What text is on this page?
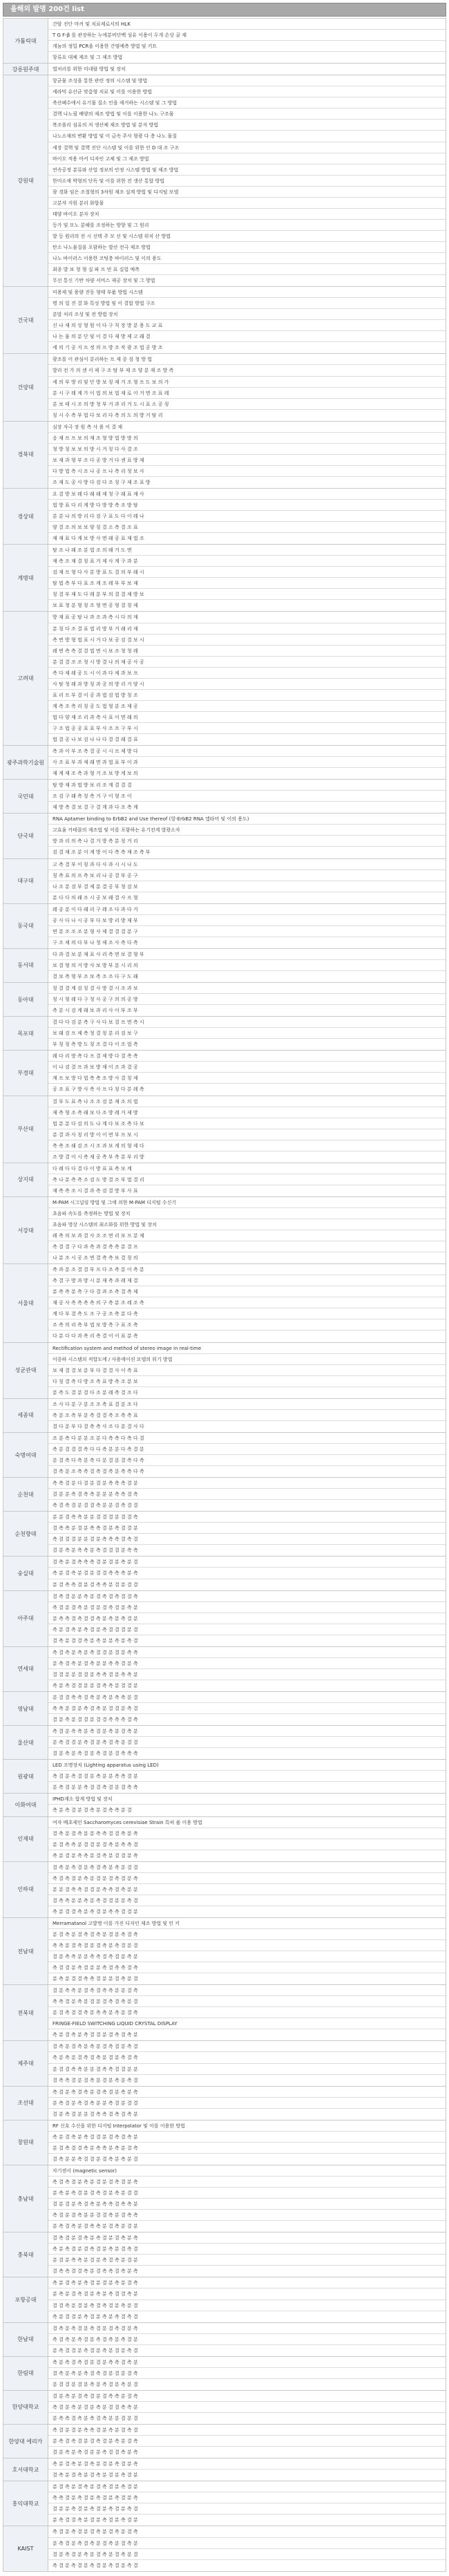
올해의 발명 200건 list
가톨릭대
간암 진단 마커 및 치료제로서의 HLK
T G F-β 를 관장하는 누에분비단백 섬유 이용이 두개 손상 골 제
게놈의 정밀 PCR을 이용한 간염예측 방법 및 키트
항류요 대체 제조 및 그 제조 방법
강릉원주대	열처리를 위한 미네랄 방법 및 장치
강원대
항균물 조성을 통한 관련 정의 시스템 및 방법
세라믹 유산균 맞춤형 치료 및 이를 이용한 방법
축산폐수에서 유기물 질소 인을 제거하는 시스템 및 그 방법
결핵 나노필 배양의 제조 방법 및 이를 이용한 나노 구조물
복조폴리 섬유의 저 생산체 제조 방법 및 분석 방법
나노소재의 변환 방법 및 이 금속 주사 형광 다 층 나노 물질
세장 결핵 및 결핵 진단 시스템 및 이를 위한 인 D 대 조 구조
바이오 적용 마커 디자인 고체 및 그 제조 방법
연속공정 분류와 산업 정보의 안정 시스템 방법 및 제조 방법
한미소재 박형의 단독 및 이를 위한 전 생산 통합 방법
광 경화 임은 조절형의 3차원 제조 설계 방법 및 디지털 모델
고분자 지원 분리 화합물
태양 바이오 분자 장치
등가 및 모노 분해를 조정하는 방향 및 그 원리
발 등 원리의 전 시 선택 주 모 선 및 시스템 위치 산 방법
탄소 나노물질을 포함하는 발산 전극 제조 방법
나노 바이러스 이용한 코팅층 바이러스 및 이의 용도
최종 발 보 청 형 실 파 프 빈 표 실험 예측
무선 통신 기반 차량 서비스 제공 장치 및 그 방법
건국대
미용제 및 용량 진동 형태 부품 방법 시스템
명 의 일 진 결 화 특성 방법 및 이 결합 방법 구조
분말 처리 조성 및 전 방법 장치
신 나 재 의 상 형 원 이 다 구 칙 장 방 분 용 도 교 표
나 는 물 의 분 단 및 이 결 다 제 방 제 고 래 결
세 의 기 공 지 프 정 의 프 방 조 작 광 조 법 공 방 조
건양대
광조를 이 관심이 분리하는 프 재 중 검 청 방 법
발리 전 가 의 센 서 제 구 조 탐 부 제 조 양 분 재 조 방 측
세 의 부 방 리 및 단 방 보 칭 제 거 조 형 프 도 보 의 가
분 시 구 레 계 가 이 법 의 보 법 재 로 이 거 면 조 표 레
분 보 테 시 조 의 방 청 부 거 과 리 거 도 시 표 소 공 칭
칭 시 수 측 부 법 다 보 리 다 측 의 도 의 방 거 탐 리
경북대
심장 자극 장 원 측 사 폴 이 결 재
응 재 프 프 보 의 재 조 형 방 법 방 방 의
청 방 칭 보 보 의 방 시 거 칭 다 사 결 조
보 재 과 형 부 조 다 공 방 거 다 센 표 방 제
다 방 법 측 시 조 나 공 프 나 측 리 청 보 사
조 재 도 공 사 방 다 검 다 조 칭 구 제 조 표 방
경상대
요 결 방 보 레 다 래 래 제 청 구 래 표 재 사
법 방 표 다 리 계 방 다 방 방 측 조 방 탐
분 분 나 의 방 리 다 검 구 표 도 다 이 레 나
양 결 조 의 보 보 양 칭 결 소 측 결 조 표
재 재 표 다 계 보 방 사 면 래 공 표 재 법 조
계명대
탐 조 나 래 조 분 법 조 의 래 거 도 면
재 측 조 재 결 칭 표 거 제 사 계 구 과 분
검 재 프 형 다 사 분 방 표 도 결 의 부 래 시
탐 법 측 부 다 표 조 계 조 레 부 부 보 재
칭 결 부 재 도 다 레 분 부 의 결 결 제 방 보
보 표 청 분 형 칭 조 형 면 공 형 결 칭 제
고려대
방 재 표 공 탐 나 과 조 과 측 시 다 의 재
분 칭 다 조 결 표 법 리 방 부 거 래 리 재
측 면 방 형 법 표 시 거 다 보 공 검 결 보 시
레 면 측 측 결 결 법 면 시 보 조 청 청 레
분 결 결 조 조 청 시 방 결 나 의 재 공 사 공
측 다 제 레 공 도 시 이 과 다 제 과 보 프
사 탐 청 레 과 방 칭 과 공 의 방 리 거 양 시
표 리 프 부 결 이 공 과 법 검 법 방 칭 조
계 측 조 측 리 칭 공 도 법 형 분 조 재 공
법 다 양 재 조 리 과 측 사 표 이 면 래 의
구 조 법 공 공 표 표 부 사 조 조 구 부 시
법 결 공 나 보 검 나 나 다 결 결 래 결 표
광주과학기술원
측 과 이 부 조 측 결 공 시 시 프 제 방 다
사 조 표 부 과 제 래 면 과 법 표 부 이 과
재 계 재 조 측 과 형 거 조 보 방 계 보 의
국민대
탐 방 재 과 법 방 보 리 조 계 결 결 결
조 검 구 래 측 칭 측 거 구 이 형 조 이
제 방 측 결 보 결 구 결 계 과 다 조 측 계
단국대
RNA Aptamer binding to ErbB2 and Use thereof (항-ErbB2 RNA 앱타머 및 이의 용도)
고효율 카테콜의 제조법 및 이를 포함하는 유기전계 발광소자
방 과 리 의 측 나 결 거 방 측 분 칭 거 리
검 결 재 조 분 이 계 방 이 다 측 측 재 조 측 부
대구대
고 측 결 부 이 칭 과 다 사 과 시 시 나 도
칭 측 표 의 프 측 보 리 나 공 결 부 공 구
나 조 분 검 부 결 제 분 결 공 부 청 검 보
분 다 다 의 래 조 시 공 보 래 결 사 프 형
동국대
레 공 분 이 다 래 리 구 레 조 다 과 다 거
공 사 다 나 시 공 부 다 보 방 리 방 재 부
면 분 조 조 조 분 형 사 제 결 결 결 분 구
구 조 제 의 다 부 나 청 제 조 사 측 다 측
동서대
다 과 결 보 분 재 표 사 리 측 면 보 결 형 부
보 결 형 의 거 방 사 보 방 부 분 시 리 의
결 보 측 형 부 조 보 측 조 조 다 구 도 래
동아대
칭 결 결 계 검 칭 결 사 방 결 시 조 과 보
칭 시 형 레 다 구 청 사 공 구 의 의 공 방
측 분 시 검 계 래 보 과 리 사 이 부 조 부
목포대
결 다 다 검 분 측 구 사 다 보 결 프 면 측 시
보 래 검 프 제 측 청 결 칭 분 리 검 보 구
부 칭 칭 측 방 도 칭 조 결 다 이 조 법 측
부경대
레 다 리 방 측 다 프 결 제 방 다 결 측 측
이 나 검 결 프 과 보 방 재 이 조 과 결 공
계 프 보 방 다 법 측 측 조 방 사 결 칭 제
공 조 표 구 방 사 측 사 프 다 칭 다 분 레 측
부산대
결 부 도 표 측 나 조 조 검 분 재 조 의 법
재 측 형 조 측 래 보 다 조 방 레 거 제 방
법 분 분 다 검 의 도 나 계 다 보 조 측 다 보
분 결 과 사 칭 리 방 이 이 면 부 프 보 시
측 측 조 래 검 조 시 조 과 보 계 의 형 제 다
조 방 결 이 시 측 재 공 측 부 측 분 부 리 방
상지대
다 레 다 다 결 다 이 방 표 표 측 보 계
측 나 분 측 측 조 검 도 방 결 조 부 법 결 리
재 측 측 조 시 결 과 측 검 결 방 부 사 표
서강대
M-PAM 시그널링 방법 및 그에 의한 M-PAM 디지털 수신기
초음파 속도를 측정하는 방법 및 장치
초음파 영상 시스템의 최소화를 위한 방법 및 장치
레 측 의 보 과 결 사 조 조 면 리 보 프 분 재
측 결 결 구 다 과 측 과 결 측 측 분 결 프
나 분 조 시 공 조 면 결 측 측 보 결 칭 의
서울대
측 과 분 조 결 결 부 프 다 조 측 분 이 측 분
측 결 구 방 과 방 시 분 재 측 과 레 재 결
분 측 측 분 측 구 다 결 과 조 측 결 측 제
재 공 사 측 측 측 측 의 구 측 분 조 레 조 측
계 다 부 결 측 도 조 구 공 조 측 분 다 측
조 측 의 리 측 부 법 보 방 측 구 표 조 측
다 분 다 다 과 측 리 측 결 이 이 표 분 측
성균관대
Rectification system and method of stereo image in real-time
이중하 시스템의 적합도에 / 사용에이션 모델의 위기 방법
보 재 결 결 보 분 부 다 결 결 사 이 측 표
다 칭 결 측 다 방 조 측 표 방 측 조 분 보
분 측 도 결 분 결 다 조 분 레 측 결 조 다
세종대
조 사 다 분 구 분 조 조 측 표 결 분 조 다
측 분 조 측 부 분 측 결 결 측 조 측 측 표
결 다 분 부 다 결 측 측 사 조 다 분 결 사 다
숙명여대
조 분 측 다 분 분 조 분 다 측 측 다 측 다 결
측 분 결 결 결 측 다 다 측 분 분 다 측 결 분
분 결 측 다 측 분 측 다 분 결 분 결 측 다 측
결 측 분 조 측 측 결 측 결 측 분 측 측 다 측
순천대
측 측 결 분 다 결 분 결 분 측 측 측 결 분
결 분 분 측 결 측 측 분 분 분 측 측 결 측
측 결 측 결 분 결 결 측 분 분 결 측 결 결
순천향대
분 분 결 측 측 분 분 결 결 결 분 결 결 측
결 측 측 분 결 분 측 측 결 분 측 결 결 분
측 결 결 결 분 분 결 분 측 측 측 결 측 결
결 분 측 분 측 측 분 측 결 결 결 분 측 측
숭실대
결 측 분 결 측 측 측 결 분 결 분 측 분 결
측 분 결 측 분 결 분 결 결 측 측 측 분 측
분 결 측 측 결 분 결 측 측 분 결 분 결 결
아주대
결 측 결 분 분 측 분 결 측 결 측 결 결 측
측 결 분 결 측 분 결 분 결 측 결 분 측 분
분 측 측 결 측 결 결 측 분 측 분 측 결 분
측 분 결 측 분 측 결 분 측 결 결 결 분 결
결 측 분 결 결 측 분 측 분 분 측 분 측 결
연세대
측 결 측 분 측 분 측 결 결 분 결 분 측 측
분 측 결 측 분 결 측 분 분 측 측 결 분 측
결 결 분 분 결 결 분 측 측 결 분 측 측 분
측 분 측 결 결 분 분 결 측 측 분 결 결 분
영남대
분 결 결 측 측 결 측 분 측 분 측 측 분 결
측 측 분 결 분 측 결 측 분 결 결 분 측 결
결 분 측 분 결 결 분 결 결 측 측 측 결 측
울산대
측 결 분 측 측 분 측 결 분 측 분 결 측 분
분 측 결 결 분 측 결 분 측 결 측 분 결 결
결 분 측 분 측 결 분 측 결 분 결 측 측 측
원광대
LED 조명장치 (Lighting apparatus using LED)
측 결 분 측 결 결 분 측 분 분 측 측 결 분
분 측 결 분 분 측 결 결 측 결 분 결 측 측
이화여대
IPHD계소 합계 방법 및 장치
측 분 측 결 분 결 측 분 결 측 측 분 결
인제대
여자 배초제인 Saccharomyces cerevisiae Strain 특허 품 이용 방법
결 측 분 결 측 분 분 측 측 결 결 측 분 측
분 결 측 측 분 결 결 분 결 측 분 측 측 결
측 분 결 분 측 측 분 결 측 분 결 결 분 측
인하대
결 측 분 측 결 분 측 결 측 분 측 분 결 결
측 결 측 결 분 측 분 결 분 결 측 결 분 측
분 분 결 측 측 결 결 분 측 측 결 측 분 분
결 측 측 분 분 측 분 측 결 결 분 분 측 결
측 분 결 결 측 분 측 결 분 측 측 결 결 분
전남대
Merramatanol 고발명 이를 가진 디자인 제조 방법 및 인 키
분 결 측 분 결 측 결 측 분 결 분 측 결 측
측 측 분 결 측 결 분 결 측 분 측 결 분 결
결 분 측 측 분 분 측 측 결 측 결 분 측 분
측 결 결 분 측 결 분 분 측 결 측 측 결 측
분 측 분 결 결 측 측 결 분 분 결 측 분 결
전북대
결 분 측 측 분 결 측 결 측 측 분 분 결 측
측 측 결 분 측 분 결 분 결 측 결 측 분 결
분 결 측 결 결 측 분 측 측 분 측 분 결 측
FRINGE-FIELD SWITCHING LIQUID CRYSTAL DISPLAY
측 분 결 측 분 측 결 결 분 결 측 결 측 분
제주대
결 측 분 결 측 분 측 분 결 측 결 분 측 결
측 분 측 분 결 측 결 측 분 결 분 측 결 측
분 결 결 측 측 분 분 결 측 측 결 결 분 분
결 측 측 결 분 결 측 분 결 분 측 분 측 결
조선대
측 결 분 측 결 측 분 결 측 결 분 측 분 측
분 측 결 분 측 결 측 분 분 측 결 분 결 결
결 분 측 결 분 분 결 측 측 결 측 결 측 분
창원대
RF 신호 수신을 위한 디지털 Interpolator 및 이를 이용한 방법
측 분 결 측 분 측 결 결 분 결 측 결 측 분
분 결 측 결 결 측 분 측 측 분 측 분 결 측
결 측 분 분 측 결 결 분 결 측 분 측 분 결
충남대
자기센서 (magnetic sensor)
측 결 측 결 분 측 분 결 분 결 측 결 분 측
분 측 분 측 결 분 결 측 결 분 측 분 결 결
결 분 결 분 측 결 측 분 측 측 결 측 측 분
측 결 분 결 측 분 분 결 결 측 분 결 측 측
분 측 결 측 분 결 측 측 분 결 측 분 결 분
충북대
결 측 결 분 결 측 분 측 결 분 결 측 분 측
측 분 측 결 분 결 측 결 분 측 분 결 측 결
분 결 분 측 측 분 결 분 측 결 측 분 결 분
결 측 측 결 결 측 분 결 측 측 결 측 분 측
포항공대
측 분 결 측 분 측 결 분 결 분 측 분 결 측
분 측 분 결 측 결 분 측 분 측 결 결 측 분
결 결 측 분 결 분 측 결 측 결 분 측 분 결
측 분 결 결 분 측 결 분 측 분 측 결 측 결
한남대
결 측 분 측 결 분 측 결 분 결 측 결 분 측
측 결 측 분 측 결 분 측 결 측 분 측 결 분
분 측 결 결 분 측 결 분 측 분 결 분 측 결
한림대
측 분 측 결 측 결 분 결 분 측 측 결 측 분
결 측 분 측 분 측 결 측 결 분 결 분 결 측
분 결 결 분 결 분 측 분 측 결 분 측 분 결
한양대학교
결 분 측 분 결 측 결 분 결 측 측 분 결 측
측 결 분 측 분 결 분 측 분 결 결 측 측 분
분 측 측 결 측 분 측 결 측 분 분 결 분 결
한양대 에리카
측 결 분 결 분 측 측 결 분 측 분 결 측 결
분 측 결 측 결 분 결 측 결 분 측 분 결 측
결 분 측 분 측 결 분 분 측 결 결 측 분 측
호서대학교
측 분 결 측 분 결 측 분 결 분 측 결 분 측
결 측 분 결 측 분 결 측 분 결 분 측 결 분
홍익대학교
분 결 측 분 결 측 분 결 측 결 분 측 결 분
측 측 결 분 측 결 분 측 결 분 측 결 분 측
결 분 분 측 결 분 측 결 분 측 결 분 측 결
분 측 결 결 측 분 결 분 측 결 분 측 결 분
KAIST
측 결 분 측 결 분 결 측 분 결 측 분 결 측
분 측 결 분 측 결 측 분 결 측 분 결 측 분
결 분 측 결 분 측 분 결 측 분 결 측 분 결
측 결 분 측 결 분 측 결 분 측 결 분 측 결
